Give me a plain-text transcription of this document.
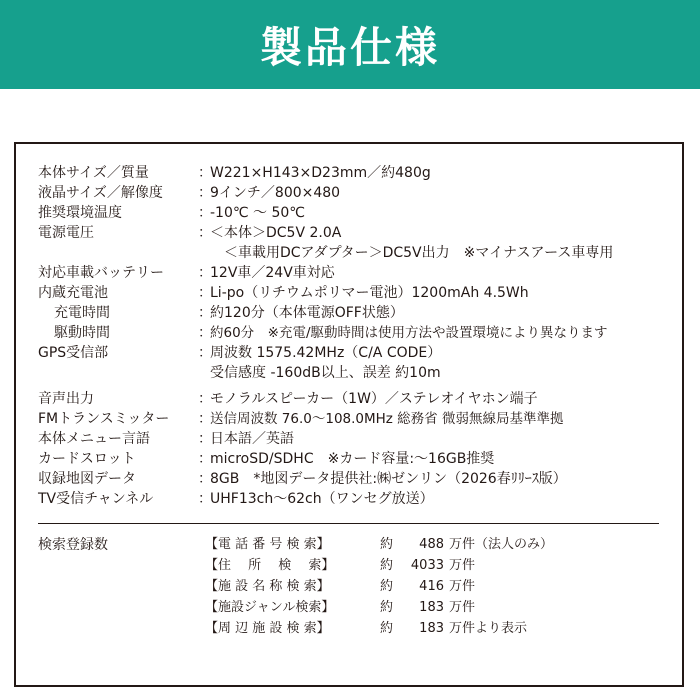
製品仕様
本体サイズ／質量	：
W221×H143×D23mm／約480g
液晶サイズ／解像度	：
9インチ／800×480
推奨環境温度	：
-10℃ ～ 50℃
電源電圧	：
＜本体＞DC5V 2.0A
＜車載用DCアダプター＞DC5V出力　※マイナスアース車専用
対応車載バッテリー ：
12V車／24V車対応
内蔵充電池	：
Li-po（リチウムポリマー電池）1200mAh 4.5Wh
充電時間	：
約120分（本体電源OFF状態）
駆動時間	：
約60分　※充電/駆動時間は使用方法や設置環境により異なります
GPS受信部	：
周波数 1575.42MHz（C/A CODE）
受信感度 -160dB以上、誤差 約10m
音声出力	：
モノラルスピーカー（1W）／ステレオイヤホン端子
FMトランスミッター ：
送信周波数 76.0～108.0MHz 総務省 微弱無線局基準準拠
本体メニュー言語	：
日本語／英語
カードスロット	：
microSD/SDHC　※カード容量:～16GB推奨
収録地図データ	：
8GB　*地図データ提供社:㈱ゼンリン（2026春ﾘﾘｰｽ版）
TV受信チャンネル	：
UHF13ch～62ch（ワンセグ放送）
検索登録数	【電 話 番 号 検 索】	約	488 万件（法人のみ）
【住　 所 　検 　索】	約	4033 万件
【施 設 名 称 検 索】	約	416 万件
【施設ジャンル検索】	約	183 万件
【周 辺 施 設 検 索】	約	183 万件より表示
